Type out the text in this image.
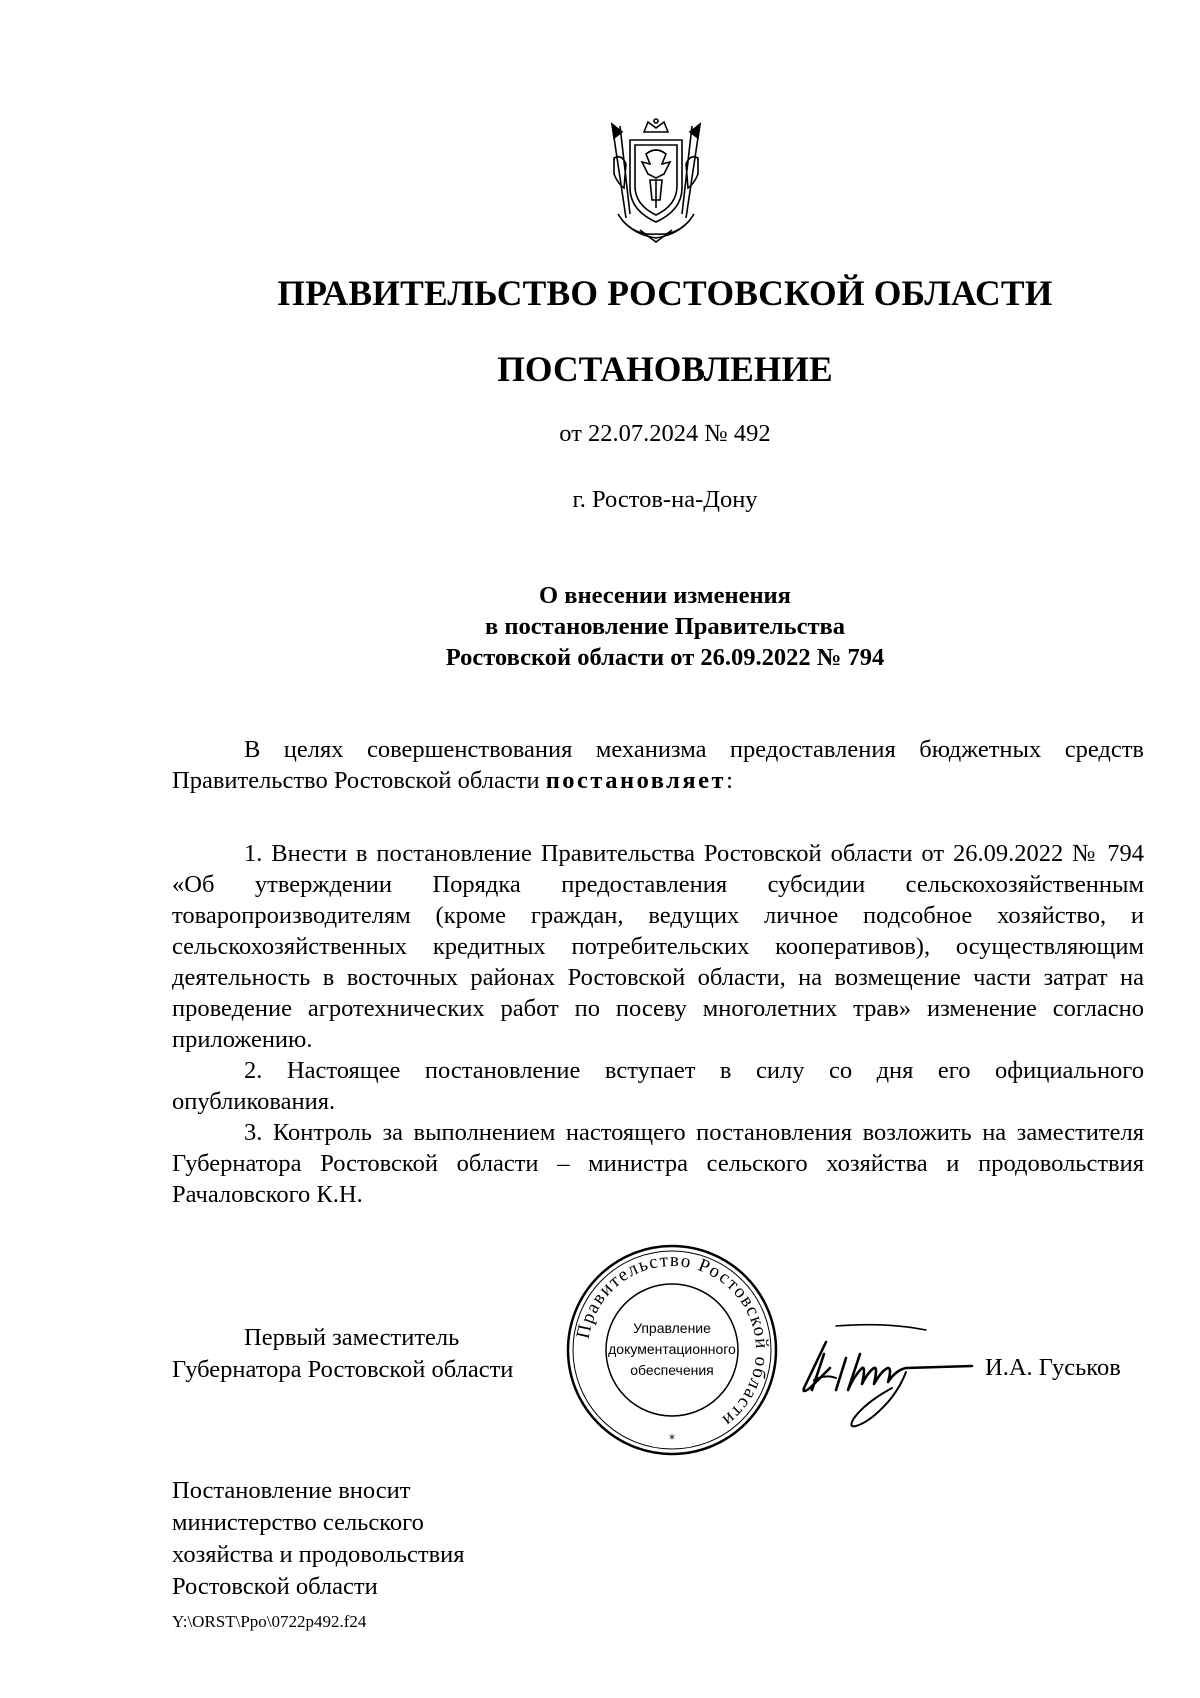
ПРАВИТЕЛЬСТВО РОСТОВСКОЙ ОБЛАСТИ
ПОСТАНОВЛЕНИЕ
от 22.07.2024 № 492
г. Ростов-на-Дону
О внесении изменения
в постановление Правительства
Ростовской области от 26.09.2022 № 794

В целях совершенствования механизма предоставления бюджетных средств Правительство Ростовской области постановляет:

1. Внести в постановление Правительства Ростовской области от 26.09.2022 № 794 «Об утверждении Порядка предоставления субсидии сельскохозяйственным товаропроизводителям (кроме граждан, ведущих личное подсобное хозяйство, и сельскохозяйственных кредитных потребительских кооперативов), осуществляющим деятельность в восточных районах Ростовской области, на возмещение части затрат на проведение агротехнических работ по посеву многолетних трав» изменение согласно приложению.

2. Настоящее постановление вступает в силу со дня его официального опубликования.

3. Контроль за выполнением настоящего постановления возложить на заместителя Губернатора Ростовской области – министра сельского хозяйства и продовольствия Рачаловского К.Н.

Первый заместитель
Губернатора Ростовской области
Правительство Ростовской области
Управление
документационного
обеспечения
*
И.А. Гуськов
Постановление вносит
министерство сельского
хозяйства и продовольствия
Ростовской области
Y:\ORST\Ppo\0722p492.f24
